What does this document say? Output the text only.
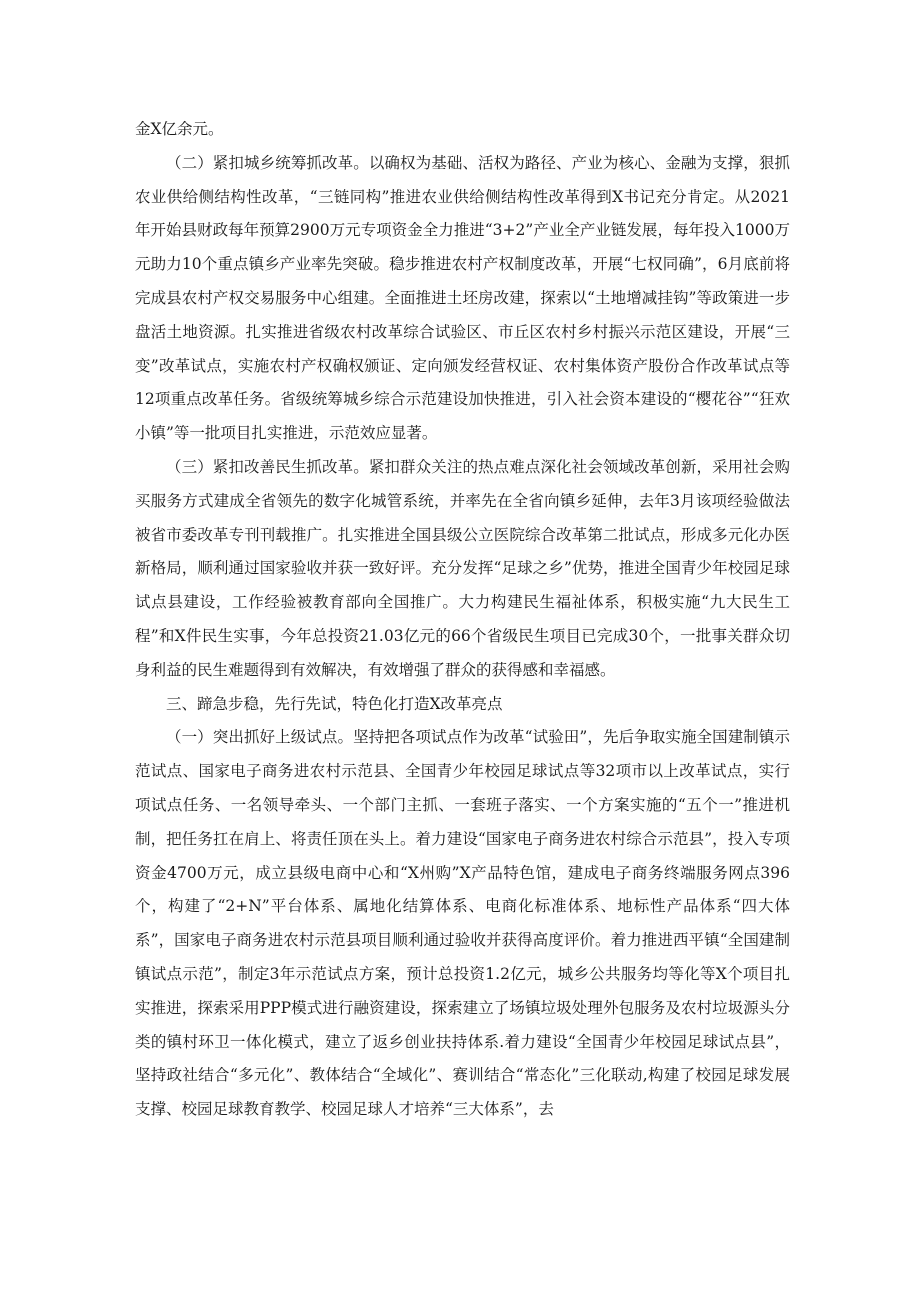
金X亿余元。

（二）紧扣城乡统筹抓改革。以确权为基础、活权为路径、产业为核心、金融为支撑，狠抓农业供给侧结构性改革，“三链同构”推进农业供给侧结构性改革得到X书记充分肯定。从2021年开始县财政每年预算2900万元专项资金全力推进“3+2”产业全产业链发展，每年投入1000万元助力10个重点镇乡产业率先突破。稳步推进农村产权制度改革，开展“七权同确”，6月底前将完成县农村产权交易服务中心组建。全面推进土坯房改建，探索以“土地增减挂钩”等政策进一步盘活土地资源。扎实推进省级农村改革综合试验区、市丘区农村乡村振兴示范区建设，开展“三变”改革试点，实施农村产权确权颁证、定向颁发经营权证、农村集体资产股份合作改革试点等12项重点改革任务。省级统筹城乡综合示范建设加快推进，引入社会资本建设的“樱花谷”“狂欢小镇”等一批项目扎实推进，示范效应显著。

（三）紧扣改善民生抓改革。紧扣群众关注的热点难点深化社会领域改革创新，采用社会购买服务方式建成全省领先的数字化城管系统，并率先在全省向镇乡延伸，去年3月该项经验做法被省市委改革专刊刊载推广。扎实推进全国县级公立医院综合改革第二批试点，形成多元化办医新格局，顺利通过国家验收并获一致好评。充分发挥“足球之乡”优势，推进全国青少年校园足球试点县建设，工作经验被教育部向全国推广。大力构建民生福祉体系，积极实施“九大民生工程”和X件民生实事，今年总投资21.03亿元的66个省级民生项目已完成30个，一批事关群众切身利益的民生难题得到有效解决，有效增强了群众的获得感和幸福感。

三、蹄急步稳，先行先试，特色化打造X改革亮点

（一）突出抓好上级试点。坚持把各项试点作为改革“试验田”，先后争取实施全国建制镇示范试点、国家电子商务进农村示范县、全国青少年校园足球试点等32项市以上改革试点，实行项试点任务、一名领导牵头、一个部门主抓、一套班子落实、一个方案实施的“五个一”推进机制，把任务扛在肩上、将责任顶在头上。着力建设“国家电子商务进农村综合示范县”，投入专项资金4700万元，成立县级电商中心和“X州购”X产品特色馆，建成电子商务终端服务网点396个，构建了“2+N”平台体系、属地化结算体系、电商化标准体系、地标性产品体系“四大体系”，国家电子商务进农村示范县项目顺利通过验收并获得高度评价。着力推进西平镇“全国建制镇试点示范”，制定3年示范试点方案，预计总投资1.2亿元，城乡公共服务均等化等X个项目扎实推进，探索采用PPP模式进行融资建设，探索建立了场镇垃圾处理外包服务及农村垃圾源头分类的镇村环卫一体化模式，建立了返乡创业扶持体系.着力建设“全国青少年校园足球试点县”，坚持政社结合“多元化”、教体结合“全域化”、赛训结合“常态化”三化联动,构建了校园足球发展支撑、校园足球教育教学、校园足球人才培养“三大体系”，去
